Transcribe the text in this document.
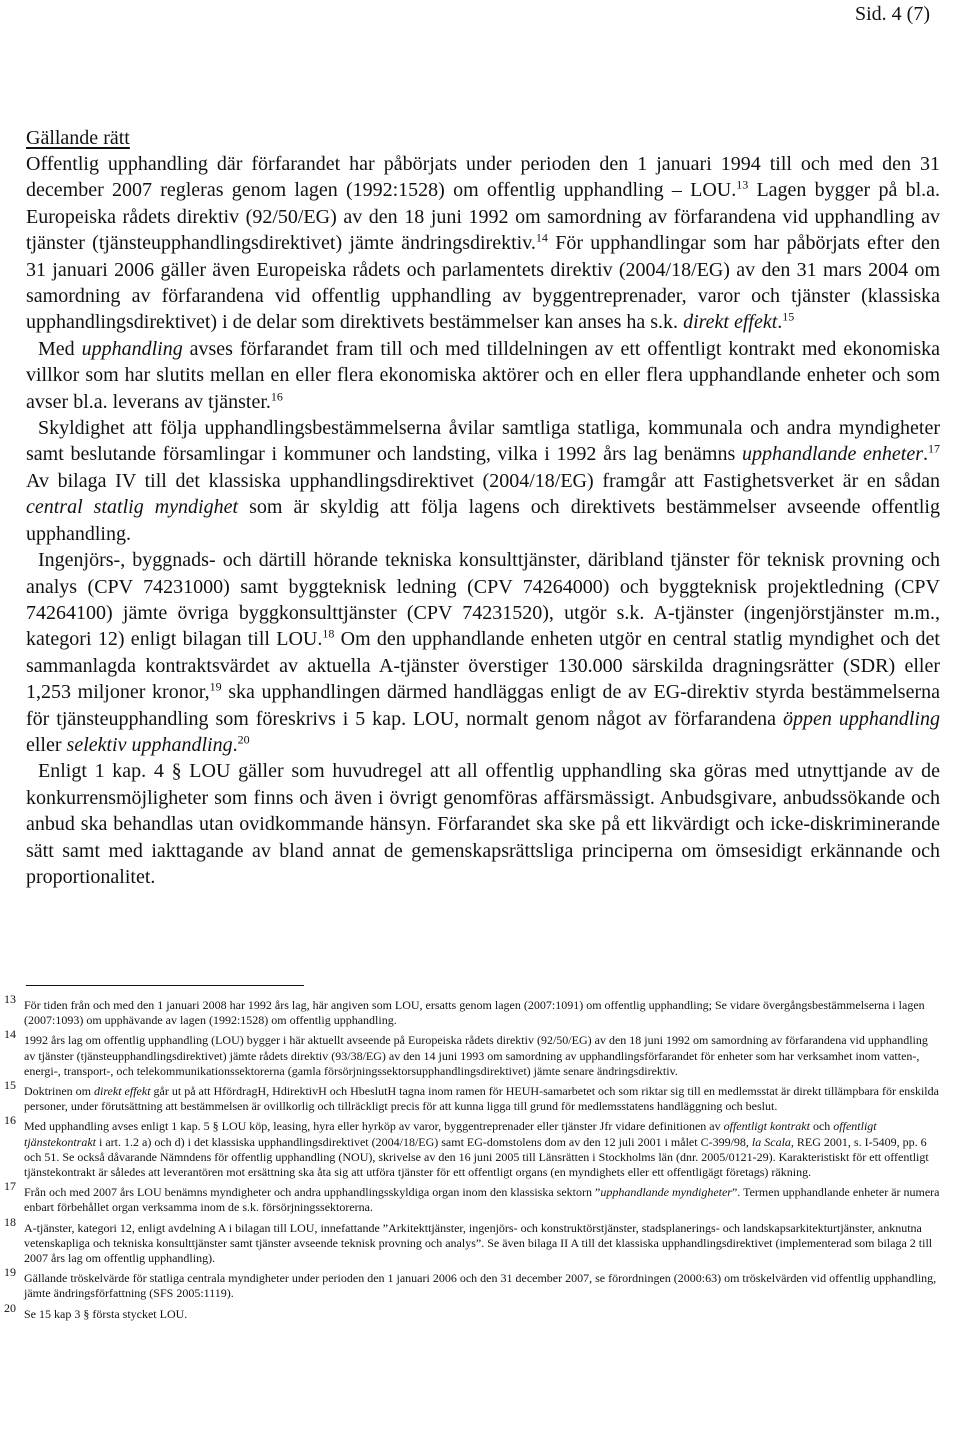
Sid. 4 (7)

Gällande rätt

Offentlig upphandling där förfarandet har påbörjats under perioden den 1 januari 1994 till och med den 31 december 2007 regleras genom lagen (1992:1528) om offentlig upphandling – LOU.$^{13}$ Lagen bygger på bl.a. Europeiska rådets direktiv (92/50/EG) av den 18 juni 1992 om samordning av förfarandena vid upphandling av tjänster (tjänsteupphandlingsdirektivet) jämte ändringsdirektiv.$^{14}$ För upphandlingar som har påbörjats efter den 31 januari 2006 gäller även Europeiska rådets och parlamentets direktiv (2004/18/EG) av den 31 mars 2004 om samordning av förfarandena vid offentlig upphandling av byggentreprenader, varor och tjänster (klassiska upphandlingsdirektivet) i de delar som direktivets bestämmelser kan anses ha s.k. direkt effekt.$^{15}$

Med upphandling avses förfarandet fram till och med tilldelningen av ett offentligt kontrakt med ekonomiska villkor som har slutits mellan en eller flera ekonomiska aktörer och en eller flera upphandlande enheter och som avser bl.a. leverans av tjänster.$^{16}$

Skyldighet att följa upphandlingsbestämmelserna åvilar samtliga statliga, kommunala och andra myndigheter samt beslutande församlingar i kommuner och landsting, vilka i 1992 års lag benämns upphandlande enheter.$^{17}$ Av bilaga IV till det klassiska upphandlingsdirektivet (2004/18/EG) framgår att Fastighetsverket är en sådan central statlig myndighet som är skyldig att följa lagens och direktivets bestämmelser avseende offentlig upphandling.

Ingenjörs-, byggnads- och därtill hörande tekniska konsulttjänster, däribland tjänster för teknisk provning och analys (CPV 74231000) samt byggteknisk ledning (CPV 74264000) och byggteknisk projektledning (CPV 74264100) jämte övriga byggkonsulttjänster (CPV 74231520), utgör s.k. A-tjänster (ingenjörstjänster m.m., kategori 12) enligt bilagan till LOU.$^{18}$ Om den upphandlande enheten utgör en central statlig myndighet och det sammanlagda kontraktsvärdet av aktuella A-tjänster överstiger 130.000 särskilda dragningsrätter (SDR) eller 1,253 miljoner kronor,$^{19}$ ska upphandlingen därmed handläggas enligt de av EG-direktiv styrda bestämmelserna för tjänsteupphandling som föreskrivs i 5 kap. LOU, normalt genom något av förfarandena öppen upphandling eller selektiv upphandling.$^{20}$

Enligt 1 kap. 4 § LOU gäller som huvudregel att all offentlig upphandling ska göras med utnyttjande av de konkurrensmöjligheter som finns och även i övrigt genomföras affärsmässigt. Anbudsgivare, anbudssökande och anbud ska behandlas utan ovidkommande hänsyn. Förfarandet ska ske på ett likvärdigt och icke-diskriminerande sätt samt med iakttagande av bland annat de gemenskapsrättsliga principerna om ömsesidigt erkännande och proportionalitet.

13 För tiden från och med den 1 januari 2008 har 1992 års lag, här angiven som LOU, ersatts genom lagen (2007:1091) om offentlig upphandling; Se vidare övergångsbestämmelserna i lagen (2007:1093) om upphävande av lagen (1992:1528) om offentlig upphandling.

14 1992 års lag om offentlig upphandling (LOU) bygger i här aktuellt avseende på Europeiska rådets direktiv (92/50/EG) av den 18 juni 1992 om samordning av förfarandena vid upphandling av tjänster (tjänsteupphandlingsdirektivet) jämte rådets direktiv (93/38/EG) av den 14 juni 1993 om samordning av upphandlingsförfarandet för enheter som har verksamhet inom vatten-, energi-, transport-, och telekommunikationssektorerna (gamla försörjningssektorsupphandlingsdirektivet) jämte senare ändringsdirektiv.

15 Doktrinen om direkt effekt går ut på att HfördragH, HdirektivH och HbeslutH tagna inom ramen för HEUH-samarbetet och som riktar sig till en medlemsstat är direkt tillämpbara för enskilda personer, under förutsättning att bestämmelsen är ovillkorlig och tillräckligt precis för att kunna ligga till grund för medlemsstatens handläggning och beslut.

16 Med upphandling avses enligt 1 kap. 5 § LOU köp, leasing, hyra eller hyrköp av varor, byggentreprenader eller tjänster Jfr vidare definitionen av offentligt kontrakt och offentligt tjänstekontrakt i art. 1.2 a) och d) i det klassiska upphandlingsdirektivet (2004/18/EG) samt EG-domstolens dom av den 12 juli 2001 i målet C-399/98, la Scala, REG 2001, s. I-5409, pp. 6 och 51. Se också dåvarande Nämndens för offentlig upphandling (NOU), skrivelse av den 16 juni 2005 till Länsrätten i Stockholms län (dnr. 2005/0121-29). Karakteristiskt för ett offentligt tjänstekontrakt är således att leverantören mot ersättning ska åta sig att utföra tjänster för ett offentligt organs (en myndighets eller ett offentligägt företags) räkning.

17 Från och med 2007 års LOU benämns myndigheter och andra upphandlingsskyldiga organ inom den klassiska sektorn ”upphandlande myndigheter”. Termen upphandlande enheter är numera enbart förbehållet organ verksamma inom de s.k. försörjningssektorerna.

18 A-tjänster, kategori 12, enligt avdelning A i bilagan till LOU, innefattande ”Arkitekttjänster, ingenjörs- och konstruktörstjänster, stadsplanerings- och landskapsarkitekturtjänster, anknutna vetenskapliga och tekniska konsulttjänster samt tjänster avseende teknisk provning och analys”. Se även bilaga II A till det klassiska upphandlingsdirektivet (implementerad som bilaga 2 till 2007 års lag om offentlig upphandling).

19 Gällande tröskelvärde för statliga centrala myndigheter under perioden den 1 januari 2006 och den 31 december 2007, se förordningen (2000:63) om tröskelvärden vid offentlig upphandling, jämte ändringsförfattning (SFS 2005:1119).

20 Se 15 kap 3 § första stycket LOU.
